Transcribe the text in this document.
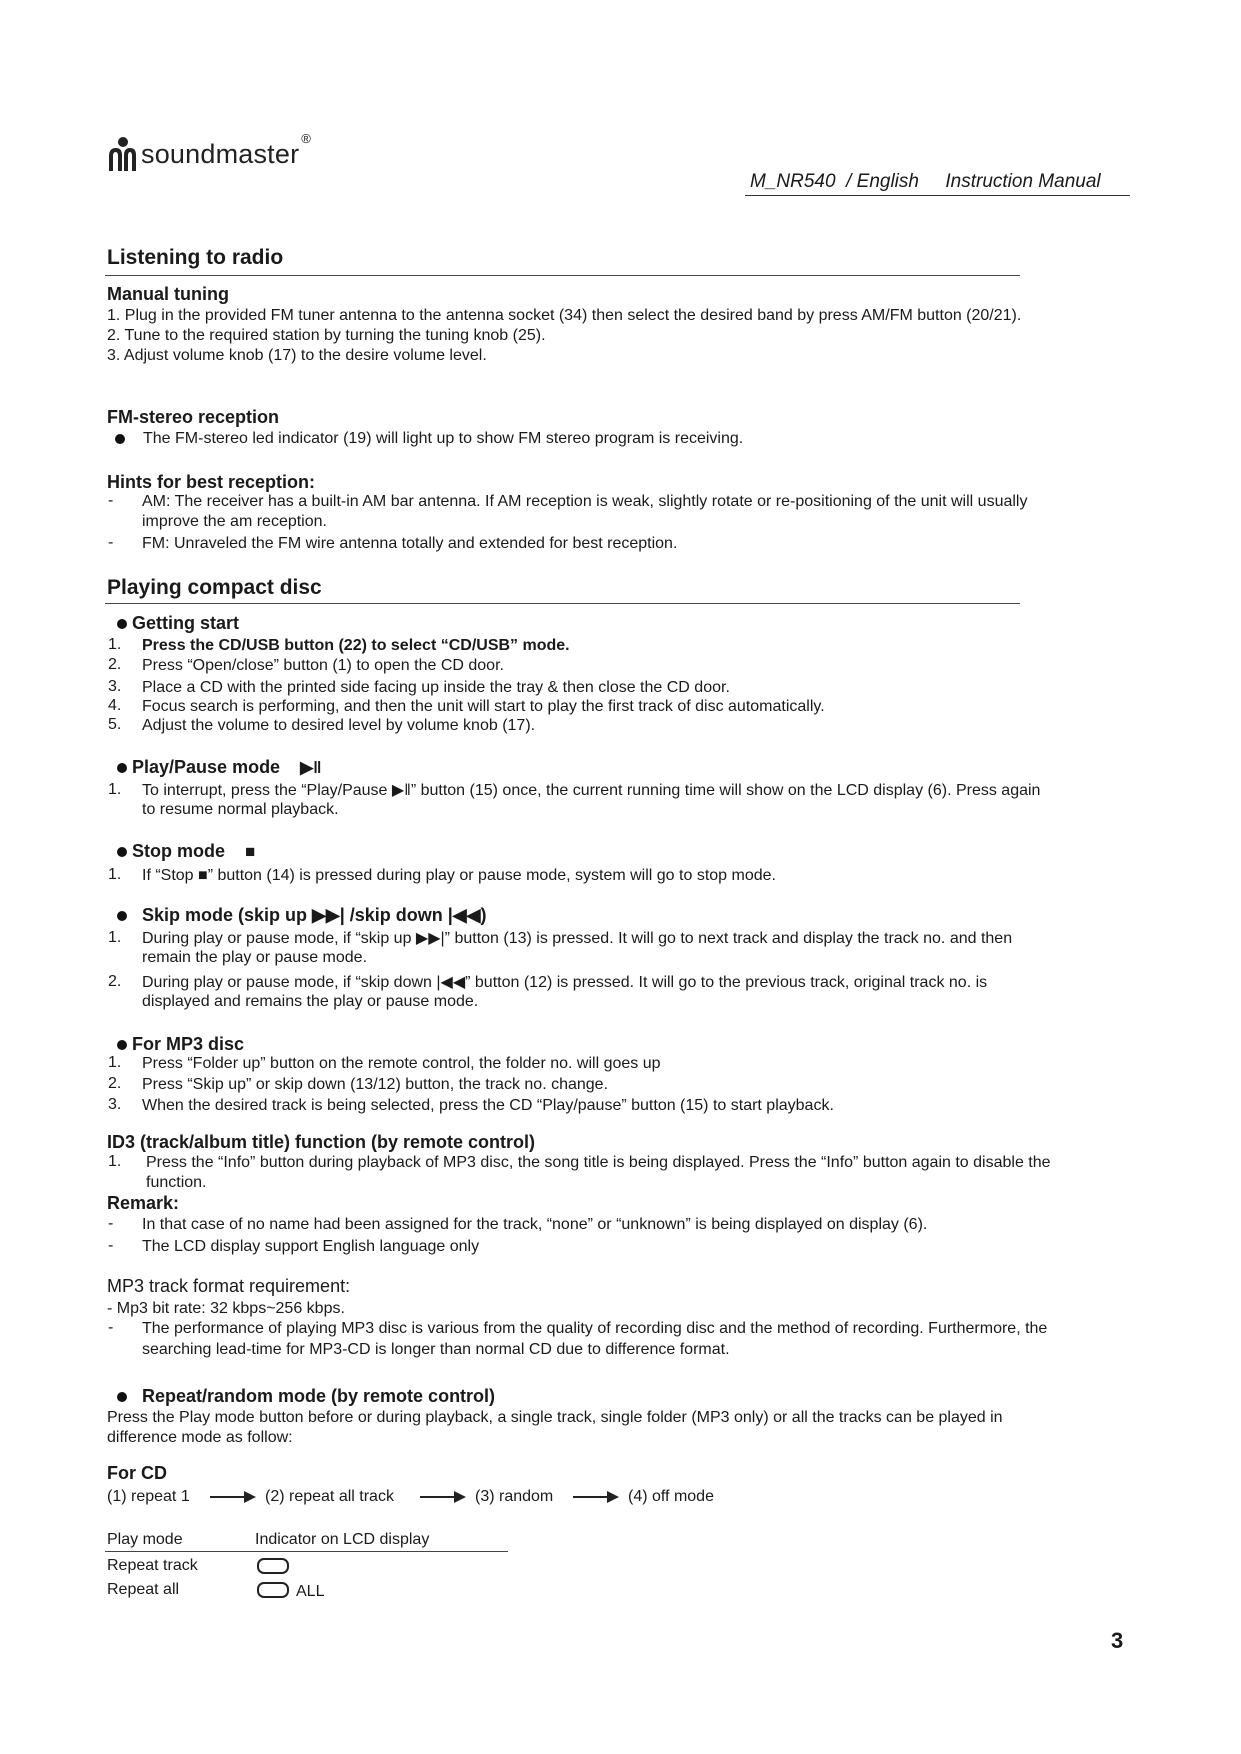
soundmaster®
M_NR540  / English     Instruction Manual
Listening to radio
Manual tuning
1. Plug in the provided FM tuner antenna to the antenna socket (34) then select the desired band by press AM/FM button (20/21).
2. Tune to the required station by turning the tuning knob (25).
3. Adjust volume knob (17) to the desire volume level.
FM-stereo reception
The FM-stereo led indicator (19) will light up to show FM stereo program is receiving.
Hints for best reception:
- AM: The receiver has a built-in AM bar antenna. If AM reception is weak, slightly rotate or re-positioning of the unit will usually
improve the am reception.
- FM: Unraveled the FM wire antenna totally and extended for best reception.
Playing compact disc
Getting start
1. Press the CD/USB button (22) to select “CD/USB” mode.
2. Press “Open/close” button (1) to open the CD door.
3. Place a CD with the printed side facing up inside the tray & then close the CD door.
4. Focus search is performing, and then the unit will start to play the first track of disc automatically.
5. Adjust the volume to desired level by volume knob (17).
Play/Pause mode ▶ǁ
1. To interrupt, press the “Play/Pause ▶ǁ” button (15) once, the current running time will show on the LCD display (6). Press again
to resume normal playback.
Stop mode ■
1. If “Stop ■” button (14) is pressed during play or pause mode, system will go to stop mode.
Skip mode (skip up ▶▶| /skip down |◀◀)
1. During play or pause mode, if “skip up ▶▶|” button (13) is pressed. It will go to next track and display the track no. and then
remain the play or pause mode.
2. During play or pause mode, if “skip down |◀◀” button (12) is pressed. It will go to the previous track, original track no. is
displayed and remains the play or pause mode.
For MP3 disc
1. Press “Folder up” button on the remote control, the folder no. will goes up
2. Press “Skip up” or skip down (13/12) button, the track no. change.
3. When the desired track is being selected, press the CD “Play/pause” button (15) to start playback.
ID3 (track/album title) function (by remote control)
1. Press the “Info” button during playback of MP3 disc, the song title is being displayed. Press the “Info” button again to disable the
function.
Remark:
- In that case of no name had been assigned for the track, “none” or “unknown” is being displayed on display (6).
- The LCD display support English language only
MP3 track format requirement:
- Mp3 bit rate: 32 kbps~256 kbps.
- The performance of playing MP3 disc is various from the quality of recording disc and the method of recording. Furthermore, the
searching lead-time for MP3-CD is longer than normal CD due to difference format.
Repeat/random mode (by remote control)
Press the Play mode button before or during playback, a single track, single folder (MP3 only) or all the tracks can be played in
difference mode as follow:
For CD
(1) repeat 1	(2) repeat all track	(3) random	(4) off mode
Play mode	Indicator on LCD display
Repeat track
Repeat all	ALL
3
